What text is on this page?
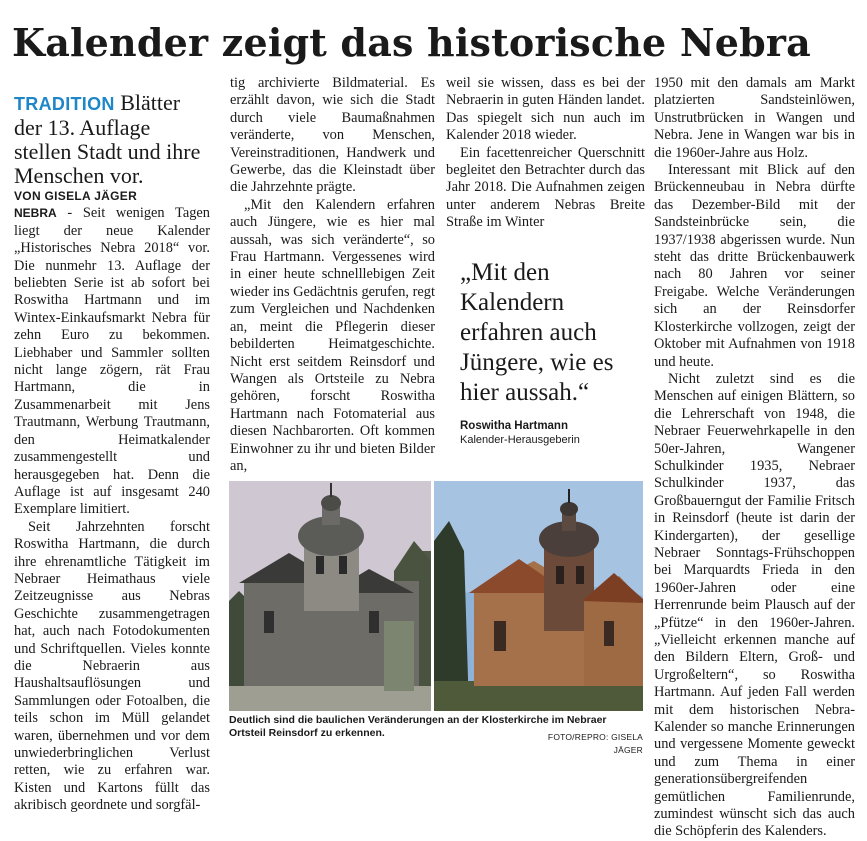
Kalender zeigt das historische Nebra

TRADITION Blätter der 13. Auflage stellen Stadt und ihre Menschen vor.

VON GISELA JÄGER

NEBRA - Seit wenigen Tagen liegt der neue Kalender „Historisches Nebra 2018“ vor. Die nunmehr 13. Auflage der beliebten Serie ist ab sofort bei Roswitha Hartmann und im Wintex-Einkaufsmarkt Nebra für zehn Euro zu bekommen. Liebhaber und Sammler sollten nicht lange zögern, rät Frau Hartmann, die in Zusammenarbeit mit Jens Trautmann, Werbung Trautmann, den Heimatkalender zusammengestellt und herausgegeben hat. Denn die Auflage ist auf insgesamt 240 Exemplare limitiert.

Seit Jahrzehnten forscht Roswitha Hartmann, die durch ihre ehrenamtliche Tätigkeit im Nebraer Heimathaus viele Zeitzeugnisse aus Nebras Geschichte zusammengetragen hat, auch nach Fotodokumenten und Schriftquellen. Vieles konnte die Nebraerin aus Haushaltsauflösungen und Sammlungen oder Fotoalben, die teils schon im Müll gelandet waren, übernehmen und vor dem unwiederbringlichen Verlust retten, wie zu erfahren war. Kisten und Kartons füllt das akribisch geordnete und sorgfäl-

tig archivierte Bildmaterial. Es erzählt davon, wie sich die Stadt durch viele Baumaßnahmen veränderte, von Menschen, Vereinstraditionen, Handwerk und Gewerbe, das die Kleinstadt über die Jahrzehnte prägte.

„Mit den Kalendern erfahren auch Jüngere, wie es hier mal aussah, was sich veränderte“, so Frau Hartmann. Vergessenes wird in einer heute schnelllebigen Zeit wieder ins Gedächtnis gerufen, regt zum Vergleichen und Nachdenken an, meint die Pflegerin dieser bebilderten Heimatgeschichte. Nicht erst seitdem Reinsdorf und Wangen als Ortsteile zu Nebra gehören, forscht Roswitha Hartmann nach Fotomaterial aus diesen Nachbarorten. Oft kommen Einwohner zu ihr und bieten Bilder an,

weil sie wissen, dass es bei der Nebraerin in guten Händen landet. Das spiegelt sich nun auch im Kalender 2018 wieder.

Ein facettenreicher Querschnitt begleitet den Betrachter durch das Jahr 2018. Die Aufnahmen zeigen unter anderem Nebras Breite Straße im Winter

„Mit den Kalendern erfahren auch Jüngere, wie es hier aussah.“

Roswitha Hartmann

Kalender-Herausgeberin

1950 mit den damals am Markt platzierten Sandsteinlöwen, Unstrutbrücken in Wangen und Nebra. Jene in Wangen war bis in die 1960er-Jahre aus Holz.

Interessant mit Blick auf den Brückenneubau in Nebra dürfte das Dezember-Bild mit der Sandsteinbrücke sein, die 1937/1938 abgerissen wurde. Nun steht das dritte Brückenbauwerk nach 80 Jahren vor seiner Freigabe. Welche Veränderungen sich an der Reinsdorfer Klosterkirche vollzogen, zeigt der Oktober mit Aufnahmen von 1918 und heute.

Nicht zuletzt sind es die Menschen auf einigen Blättern, so die Lehrerschaft von 1948, die Nebraer Feuerwehrkapelle in den 50er-Jahren, Wangener Schulkinder 1935, Nebraer Schulkinder 1937, das Großbauerngut der Familie Fritsch in Reinsdorf (heute ist darin der Kindergarten), der gesellige Nebraer Sonntags-Frühschoppen bei Marquardts Frieda in den 1960er-Jahren oder eine Herrenrunde beim Plausch auf der „Pfütze“ in den 1960er-Jahren. „Vielleicht erkennen manche auf den Bildern Eltern, Groß- und Urgroßeltern“, so Roswitha Hartmann. Auf jeden Fall werden mit dem historischen Nebra-Kalender so manche Erinnerungen und vergessene Momente geweckt und zum Thema in einer generationsübergreifenden gemütlichen Familienrunde, zumindest wünscht sich das auch die Schöpferin des Kalenders.

Deutlich sind die baulichen Veränderungen an der Klosterkirche im Nebraer Ortsteil Reinsdorf zu erkennen.	FOTO/REPRO: GISELA JÄGER
